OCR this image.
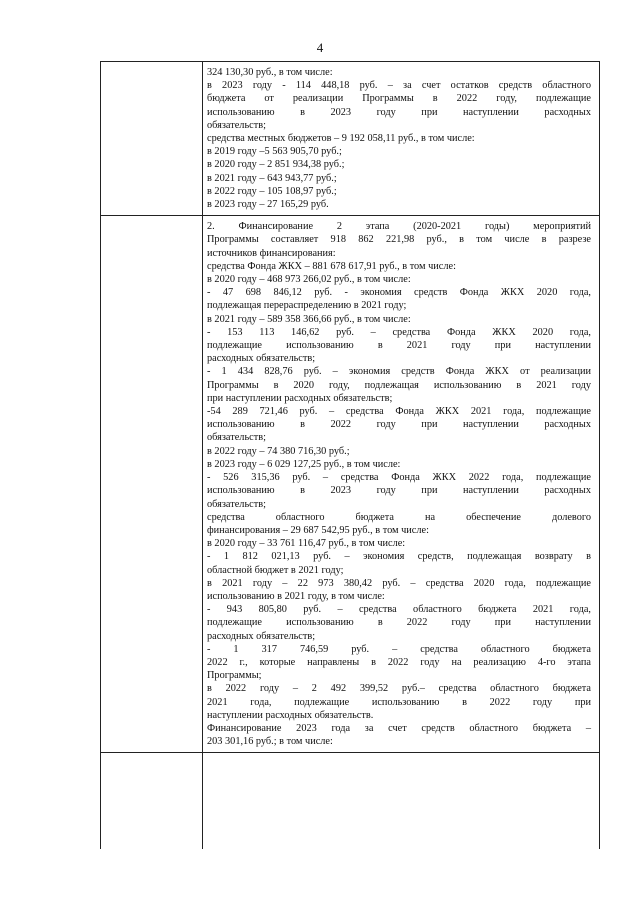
4
324 130,30 руб., в том числе:
в 2023 году - 114 448,18 руб. – за счет остатков средств областного
бюджета от реализации Программы в 2022 году, подлежащие
использованию в 2023 году при наступлении расходных
обязательств;
средства местных бюджетов – 9 192 058,11 руб., в том числе:
в 2019 году –5 563 905,70 руб.;
в 2020 году – 2 851 934,38 руб.;
в 2021 году – 643 943,77 руб.;
в 2022 году – 105 108,97 руб.;
в 2023 году – 27 165,29 руб.
2. Финансирование 2 этапа (2020-2021 годы) мероприятий
Программы составляет 918 862 221,98 руб., в том числе в разрезе
источников финансирования:
средства Фонда ЖКХ – 881 678 617,91 руб., в том числе:
в 2020 году – 468 973 266,02 руб., в том числе:
- 47 698 846,12 руб. - экономия средств Фонда ЖКХ 2020 года,
подлежащая перераспределению в 2021 году;
в 2021 году – 589 358 366,66 руб., в том числе:
- 153 113 146,62 руб. – средства Фонда ЖКХ 2020 года,
подлежащие использованию в 2021 году при наступлении
расходных обязательств;
- 1 434 828,76 руб. – экономия средств Фонда ЖКХ от реализации
Программы в 2020 году, подлежащая использованию в 2021 году
при наступлении расходных обязательств;
-54 289 721,46 руб. – средства Фонда ЖКХ 2021 года, подлежащие
использованию в 2022 году при наступлении расходных
обязательств;
в 2022 году – 74 380 716,30 руб.;
в 2023 году – 6 029 127,25 руб., в том числе:
- 526 315,36 руб. – средства Фонда ЖКХ 2022 года, подлежащие
использованию в 2023 году при наступлении расходных
обязательств;
средства областного бюджета на обеспечение долевого
финансирования – 29 687 542,95 руб., в том числе:
в 2020 году – 33 761 116,47 руб., в том числе:
- 1 812 021,13 руб. – экономия средств, подлежащая возврату в
областной бюджет в 2021 году;
в 2021 году – 22 973 380,42 руб. – средства 2020 года, подлежащие
использованию в 2021 году, в том числе:
- 943 805,80 руб. – средства областного бюджета 2021 года,
подлежащие использованию в 2022 году при наступлении
расходных обязательств;
- 1 317 746,59 руб. – средства областного бюджета
2022 г., которые направлены в 2022 году на реализацию 4-го этапа
Программы;
в 2022 году – 2 492 399,52 руб.– средства областного бюджета
2021 года, подлежащие использованию в 2022 году при
наступлении расходных обязательств.
Финансирование 2023 года за счет средств областного бюджета –
203 301,16 руб.; в том числе:
